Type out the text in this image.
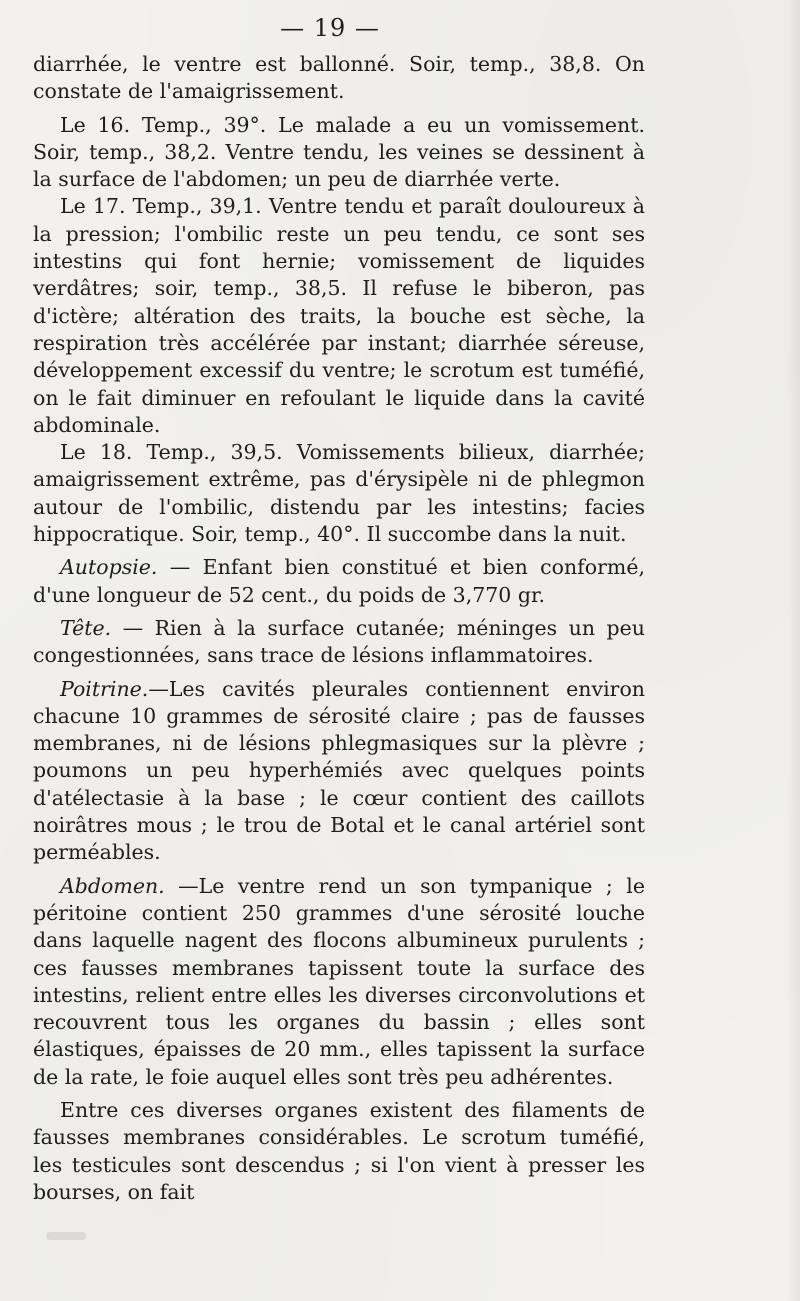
— 19 —

diarrhée, le ventre est ballonné. Soir, temp., 38,8. On constate de l'amaigrissement.

Le 16. Temp., 39°. Le malade a eu un vomissement. Soir, temp., 38,2. Ventre tendu, les veines se dessinent à la surface de l'abdomen; un peu de diarrhée verte.

Le 17. Temp., 39,1. Ventre tendu et paraît douloureux à la pression; l'ombilic reste un peu tendu, ce sont ses intestins qui font hernie; vomissement de liquides verdâtres; soir, temp., 38,5. Il refuse le biberon, pas d'ictère; altération des traits, la bouche est sèche, la respiration très accélérée par instant; diarrhée séreuse, développement excessif du ventre; le scrotum est tuméfié, on le fait diminuer en refoulant le liquide dans la cavité abdominale.

Le 18. Temp., 39,5. Vomissements bilieux, diarrhée; amaigrissement extrême, pas d'érysipèle ni de phlegmon autour de l'ombilic, distendu par les intestins; facies hippocratique. Soir, temp., 40°. Il succombe dans la nuit.

Autopsie. — Enfant bien constitué et bien conformé, d'une longueur de 52 cent., du poids de 3,770 gr.

Tête. — Rien à la surface cutanée; méninges un peu congestionnées, sans trace de lésions inflammatoires.

Poitrine.—Les cavités pleurales contiennent environ chacune 10 grammes de sérosité claire ; pas de fausses membranes, ni de lésions phlegmasiques sur la plèvre ; poumons un peu hyperhémiés avec quelques points d'atélectasie à la base ; le cœur contient des caillots noirâtres mous ; le trou de Botal et le canal artériel sont perméables.

Abdomen. —Le ventre rend un son tympanique ; le péritoine contient 250 grammes d'une sérosité louche dans laquelle nagent des flocons albumineux purulents ; ces fausses membranes tapissent toute la surface des intestins, relient entre elles les diverses circonvolutions et recouvrent tous les organes du bassin ; elles sont élastiques, épaisses de 20 mm., elles tapissent la surface de la rate, le foie auquel elles sont très peu adhérentes.

Entre ces diverses organes existent des filaments de fausses membranes considérables. Le scrotum tuméfié, les testicules sont descendus ; si l'on vient à presser les bourses, on fait
